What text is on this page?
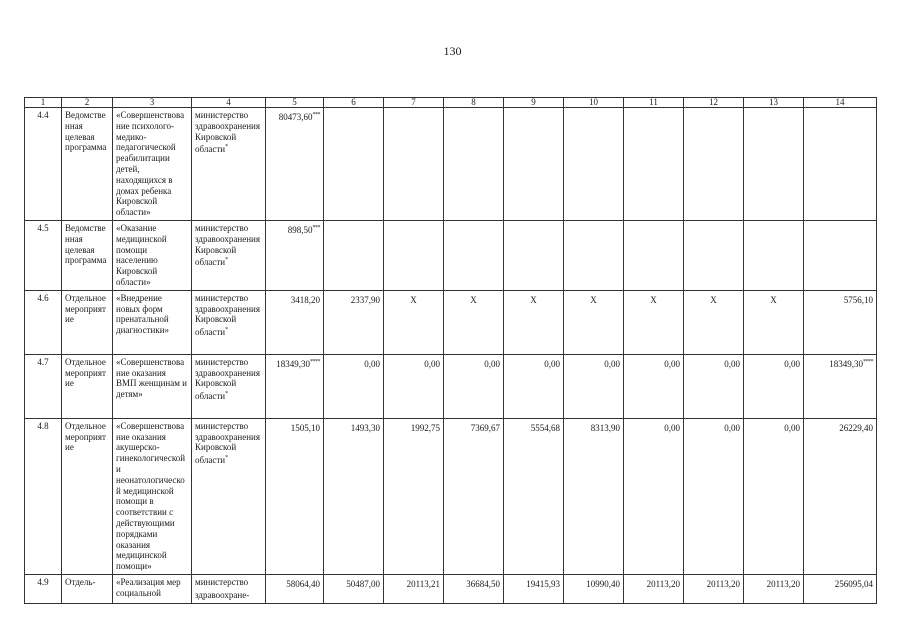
130
1	2	3	4	5	6	7	8	9	10	11	12	13	14
4.4	Ведомственная целевая программа	«Совершенствование психолого-медико-педагогической реабилитации детей, находящихся в домах ребенка Кировской области»	министерство здравоохранения Кировской области*	80473,60***									
4.5	Ведомственная целевая программа	«Оказание медицинской помощи населению Кировской области»	министерство здравоохранения Кировской области*	898,50***									
4.6	Отдельное мероприятие	«Внедрение новых форм пренатальной диагностики»	министерство здравоохранения Кировской области*	3418,20	2337,90	X	X	X	X	X	X	X	5756,10
4.7	Отдельное мероприятие	«Совершенствование оказания ВМП женщинам и детям»	министерство здравоохранения Кировской области*	18349,30****	0,00	0,00	0,00	0,00	0,00	0,00	0,00	0,00	18349,30****
4.8	Отдельное мероприятие	«Совершенствование оказания акушерско-гинекологической и неонатологической медицинской помощи в соответствии с действующими порядками оказания медицинской помощи»	министерство здравоохранения Кировской области*	1505,10	1493,30	1992,75	7369,67	5554,68	8313,90	0,00	0,00	0,00	26229,40
4.9	Отдель-	«Реализация мер социальной	министерство здравоохране-	58064,40	50487,00	20113,21	36684,50	19415,93	10990,40	20113,20	20113,20	20113,20	256095,04
